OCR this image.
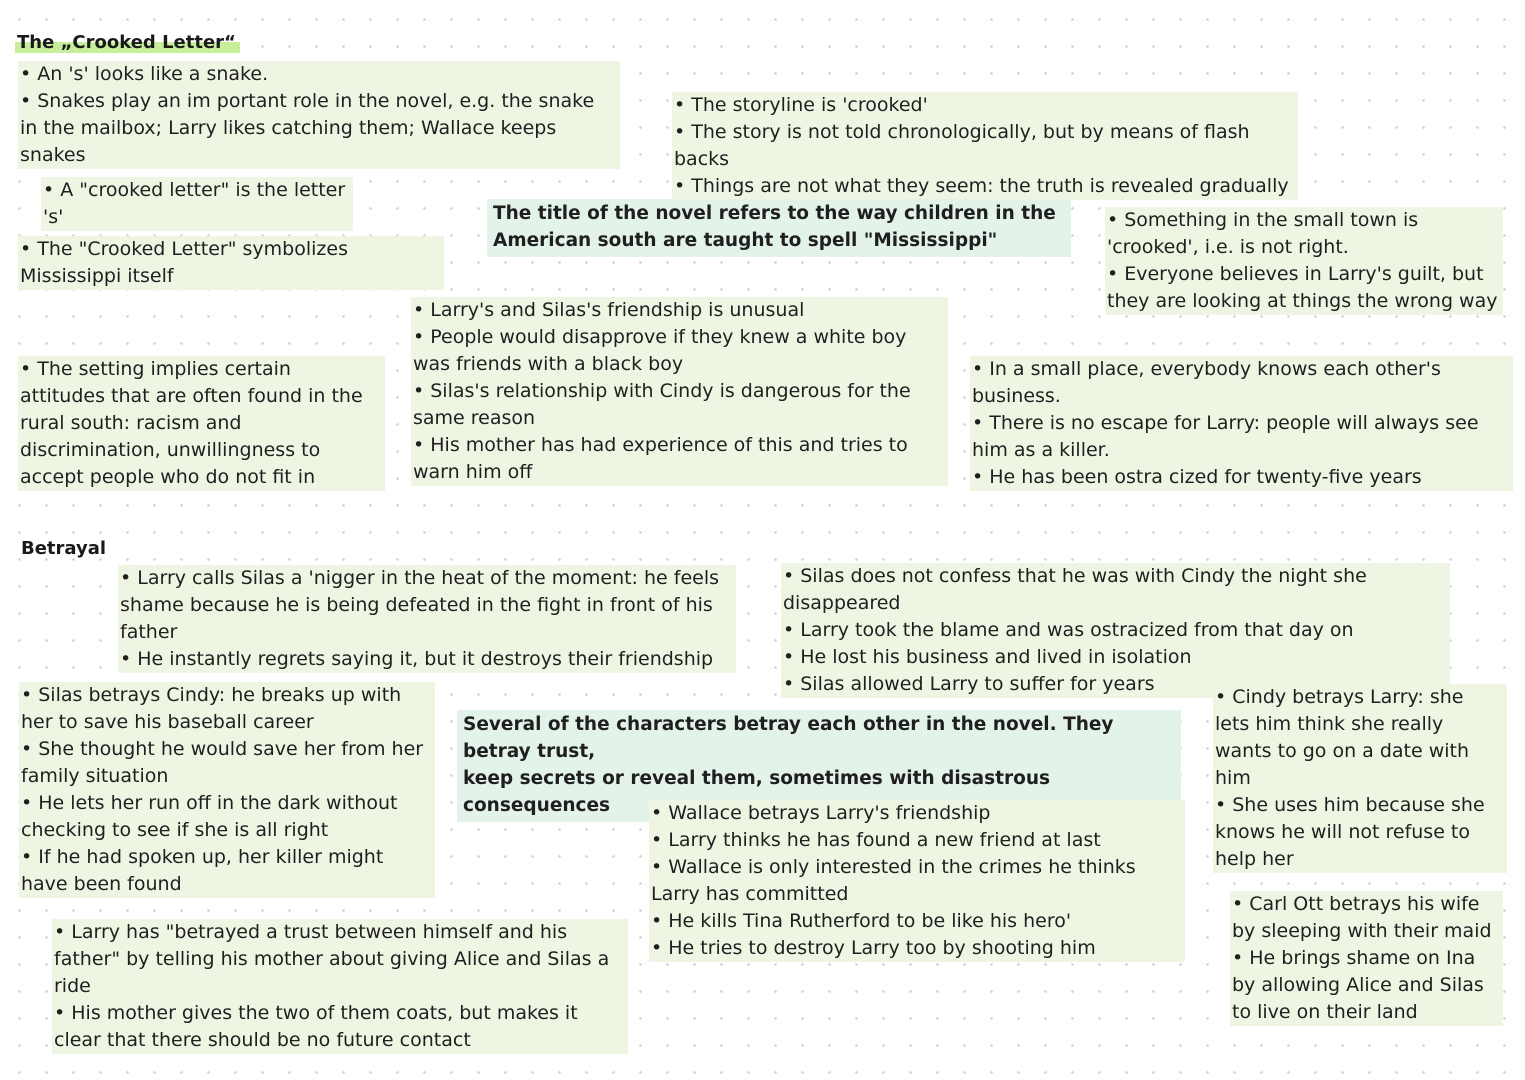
The „Crooked Letter“

• An 's' looks like a snake.

• Snakes play an im portant role in the novel, e.g. the snake in the mailbox; Larry likes catching them; Wallace keeps snakes

• The storyline is 'crooked'

• The story is not told chronologically, but by means of flash backs

• Things are not what they seem: the truth is revealed gradually

• A "crooked letter" is the letter 's'	The title of the novel refers to the way children in the

American south are taught to spell "Mississippi"

• Something in the small town is 'crooked', i.e. is not right.

• Everyone believes in Larry's guilt, but they are looking at things the wrong way

• The "Crooked Letter" symbolizes Mississippi itself

• Larry's and Silas's friendship is unusual

• People would disapprove if they knew a white boy was friends with a black boy

• Silas's relationship with Cindy is dangerous for the same reason

• His mother has had experience of this and tries to warn him off

• The setting implies certain attitudes that are often found in the rural south: racism and discrimination, unwillingness to accept people who do not fit in

• In a small place, everybody knows each other's business.

• There is no escape for Larry: people will always see him as a killer.

• He has been ostra cized for twenty-five years

Betrayal

• Larry calls Silas a 'nigger in the heat of the moment: he feels shame because he is being defeated in the fight in front of his father

• He instantly regrets saying it, but it destroys their friendship

• Silas does not confess that he was with Cindy the night she disappeared

• Larry took the blame and was ostracized from that day on

• He lost his business and lived in isolation

• Silas allowed Larry to suffer for years

• Silas betrays Cindy: he breaks up with her to save his baseball career

• She thought he would save her from her family situation

• He lets her run off in the dark without checking to see if she is all right

• If he had spoken up, her killer might have been found

Several of the characters betray each other in the novel. They betray trust,

keep secrets or reveal them, sometimes with disastrous consequences

• Cindy betrays Larry: she lets him think she really wants to go on a date with him

• She uses him because she knows he will not refuse to help her

• Wallace betrays Larry's friendship

• Larry thinks he has found a new friend at last

• Wallace is only interested in the crimes he thinks Larry has committed

• He kills Tina Rutherford to be like his hero'

• He tries to destroy Larry too by shooting him

• Carl Ott betrays his wife by sleeping with their maid

• He brings shame on Ina by allowing Alice and Silas to live on their land

• Larry has "betrayed a trust between himself and his father" by telling his mother about giving Alice and Silas a ride

• His mother gives the two of them coats, but makes it clear that there should be no future contact
